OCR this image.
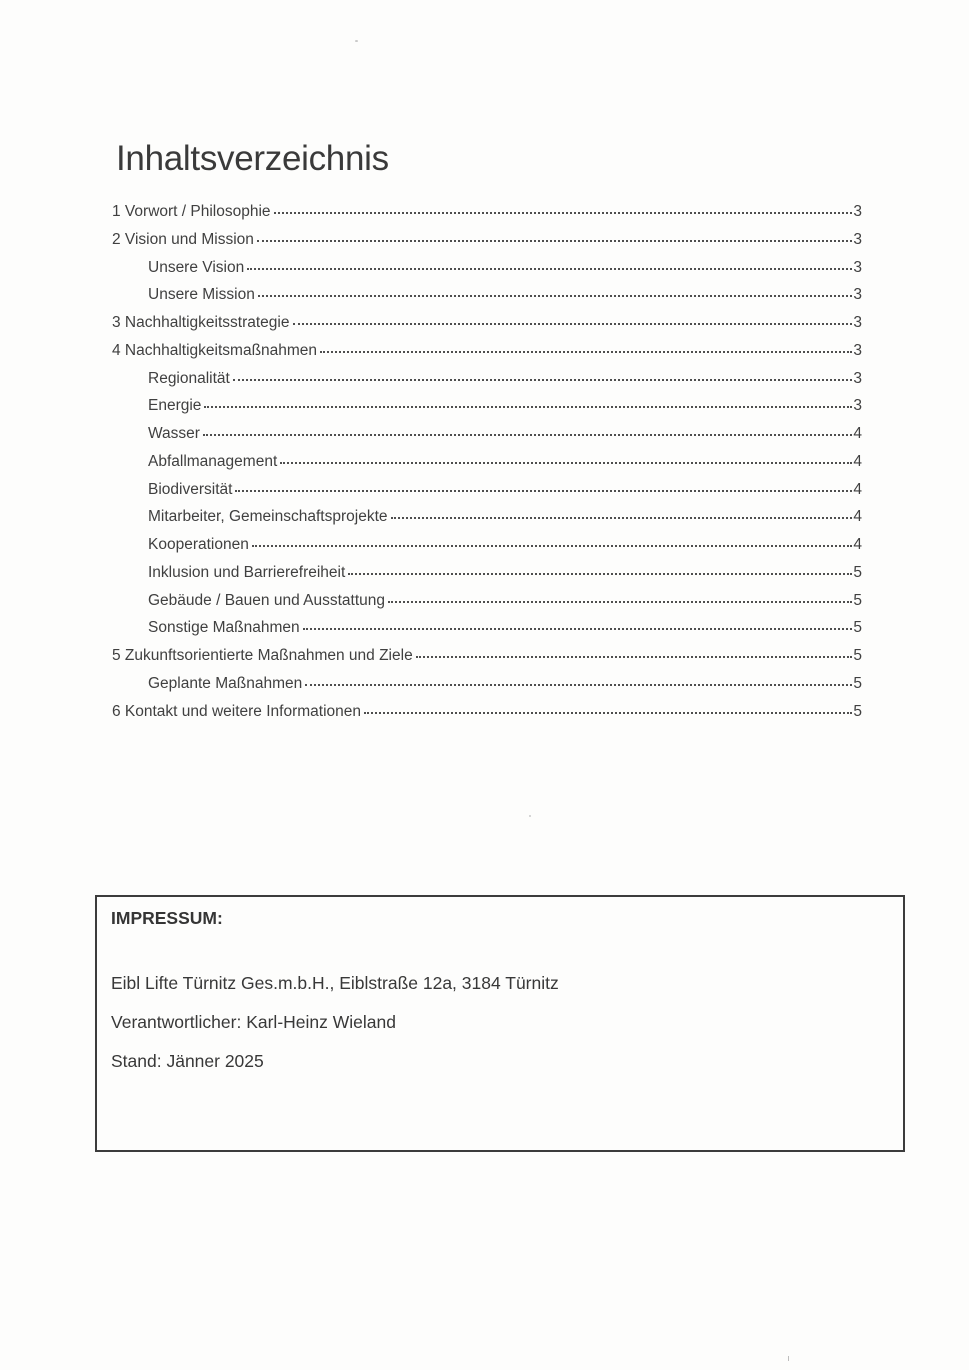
Inhaltsverzeichnis
1 Vorwort / Philosophie	3
2 Vision und Mission	3
Unsere Vision	3
Unsere Mission	3
3 Nachhaltigkeitsstrategie	3
4 Nachhaltigkeitsmaßnahmen	3
Regionalität	3
Energie	3
Wasser	4
Abfallmanagement	4
Biodiversität	4
Mitarbeiter, Gemeinschaftsprojekte	4
Kooperationen	4
Inklusion und Barrierefreiheit	5
Gebäude / Bauen und Ausstattung	5
Sonstige Maßnahmen	5
5 Zukunftsorientierte Maßnahmen und Ziele	5
Geplante Maßnahmen	5
6 Kontakt und weitere Informationen	5

IMPRESSUM:

Eibl Lifte Türnitz Ges.m.b.H., Eiblstraße 12a, 3184 Türnitz

Verantwortlicher: Karl-Heinz Wieland

Stand: Jänner 2025
